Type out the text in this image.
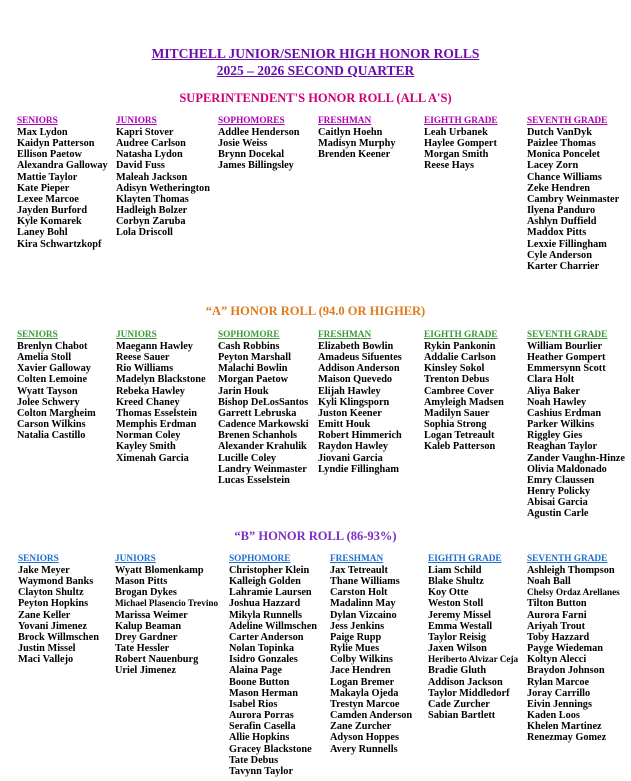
MITCHELL JUNIOR/SENIOR HIGH HONOR ROLLS
2025 – 2026 SECOND QUARTER
SUPERINTENDENT'S HONOR ROLL (ALL A'S)
SENIORS
Max Lydon
Kaidyn Patterson
Ellison Paetow
Alexandra Galloway
Mattie Taylor
Kate Pieper
Lexee Marcoe
Jayden Burford
Kyle Komarek
Laney Bohl
Kira Schwartzkopf
JUNIORS
Kapri Stover
Audree Carlson
Natasha Lydon
David Fuss
Maleah Jackson
Adisyn Wetherington
Klayten Thomas
Hadleigh Bolzer
Corbyn Zaruba
Lola Driscoll
SOPHOMORES
Addlee Henderson
Josie Weiss
Brynn Docekal
James Billingsley
FRESHMAN
Caitlyn Hoehn
Madisyn Murphy
Brenden Keener
EIGHTH GRADE
Leah Urbanek
Haylee Gompert
Morgan Smith
Reese Hays
SEVENTH GRADE
Dutch VanDyk
Paizlee Thomas
Monica Poncelet
Lacey Zorn
Chance Williams
Zeke Hendren
Cambry Weinmaster
Ilyena Panduro
Ashlyn Duffield
Maddox Pitts
Lexxie Fillingham
Cyle Anderson
Karter Charrier
“A” HONOR ROLL (94.0 OR HIGHER)
SENIORS
Brenlyn Chabot
Amelia Stoll
Xavier Galloway
Colten Lemoine
Wyatt Tayson
Jolee Schwery
Colton Margheim
Carson Wilkins
Natalia Castillo
JUNIORS
Maegann Hawley
Reese Sauer
Rio Williams
Madelyn Blackstone
Rebeka Hawley
Kreed Chaney
Thomas Esselstein
Memphis Erdman
Norman Coley
Kayley Smith
Ximenah Garcia
SOPHOMORE
Cash Robbins
Peyton Marshall
Malachi Bowlin
Morgan Paetow
Jarin Houk
Bishop DeLosSantos
Garrett Lebruska
Cadence Markowski
Brenen Schanhols
Alexander Krahulik
Lucille Coley
Landry Weinmaster
Lucas Esselstein
FRESHMAN
Elizabeth Bowlin
Amadeus Sifuentes
Addison Anderson
Maison Quevedo
Elijah Hawley
Kyli Klingsporn
Juston Keener
Emitt Houk
Robert Himmerich
Raydon Hawley
Jiovani Garcia
Lyndie Fillingham
EIGHTH GRADE
Rykin Pankonin
Addalie Carlson
Kinsley Sokol
Trenton Debus
Cambree Cover
Amyleigh Madsen
Madilyn Sauer
Sophia Strong
Logan Tetreault
Kaleb Patterson
SEVENTH GRADE
William Bourlier
Heather Gompert
Emmersynn Scott
Clara Holt
Aliya Baker
Noah Hawley
Cashius Erdman
Parker Wilkins
Riggley Gies
Reaghan Taylor
Zander Vaughn-Hinze
Olivia Maldonado
Emry Claussen
Henry Policky
Abisai Garcia
Agustin Carle
“B” HONOR ROLL (86-93%)
SENIORS
Jake Meyer
Waymond Banks
Clayton Shultz
Peyton Hopkins
Zane Keller
Yovani Jimenez
Brock Willmschen
Justin Missel
Maci Vallejo
JUNIORS
Wyatt Blomenkamp
Mason Pitts
Brogan Dykes
Michael Plasencio Trevino
Marissa Weimer
Kalup Beaman
Drey Gardner
Tate Hessler
Robert Nauenburg
Uriel Jimenez
SOPHOMORE
Christopher Klein
Kalleigh Golden
Lahramie Laursen
Joshua Hazzard
Mikyla Runnells
Adeline Willmschen
Carter Anderson
Nolan Topinka
Isidro Gonzales
Alaina Page
Boone Button
Mason Herman
Isabel Rios
Aurora Porras
Serafin Casella
Allie Hopkins
Gracey Blackstone
Tate Debus
Tavynn Taylor
FRESHMAN
Jax Tetreault
Thane Williams
Carston Holt
Madalinn May
Dylan Vizcaino
Jess Jenkins
Paige Rupp
Rylie Mues
Colby Wilkins
Jace Hendren
Logan Bremer
Makayla Ojeda
Trestyn Marcoe
Camden Anderson
Zane Zurcher
Adyson Hoppes
Avery Runnells
EIGHTH GRADE
Liam Schild
Blake Shultz
Koy Otte
Weston Stoll
Jeremy Missel
Emma Westall
Taylor Reisig
Jaxen Wilson
Heriberto Alvizar Ceja
Bradie Gluth
Addison Jackson
Taylor Middledorf
Cade Zurcher
Sabian Bartlett
SEVENTH GRADE
Ashleigh Thompson
Noah Ball
Chelsy Ordaz Arellanes
Tilton Button
Aurora Farni
Ariyah Trout
Toby Hazzard
Payge Wiedeman
Koltyn Alecci
Braydon Johnson
Rylan Marcoe
Joray Carrillo
Eivin Jennings
Kaden Loos
Khelen Martinez
Renezmay Gomez
